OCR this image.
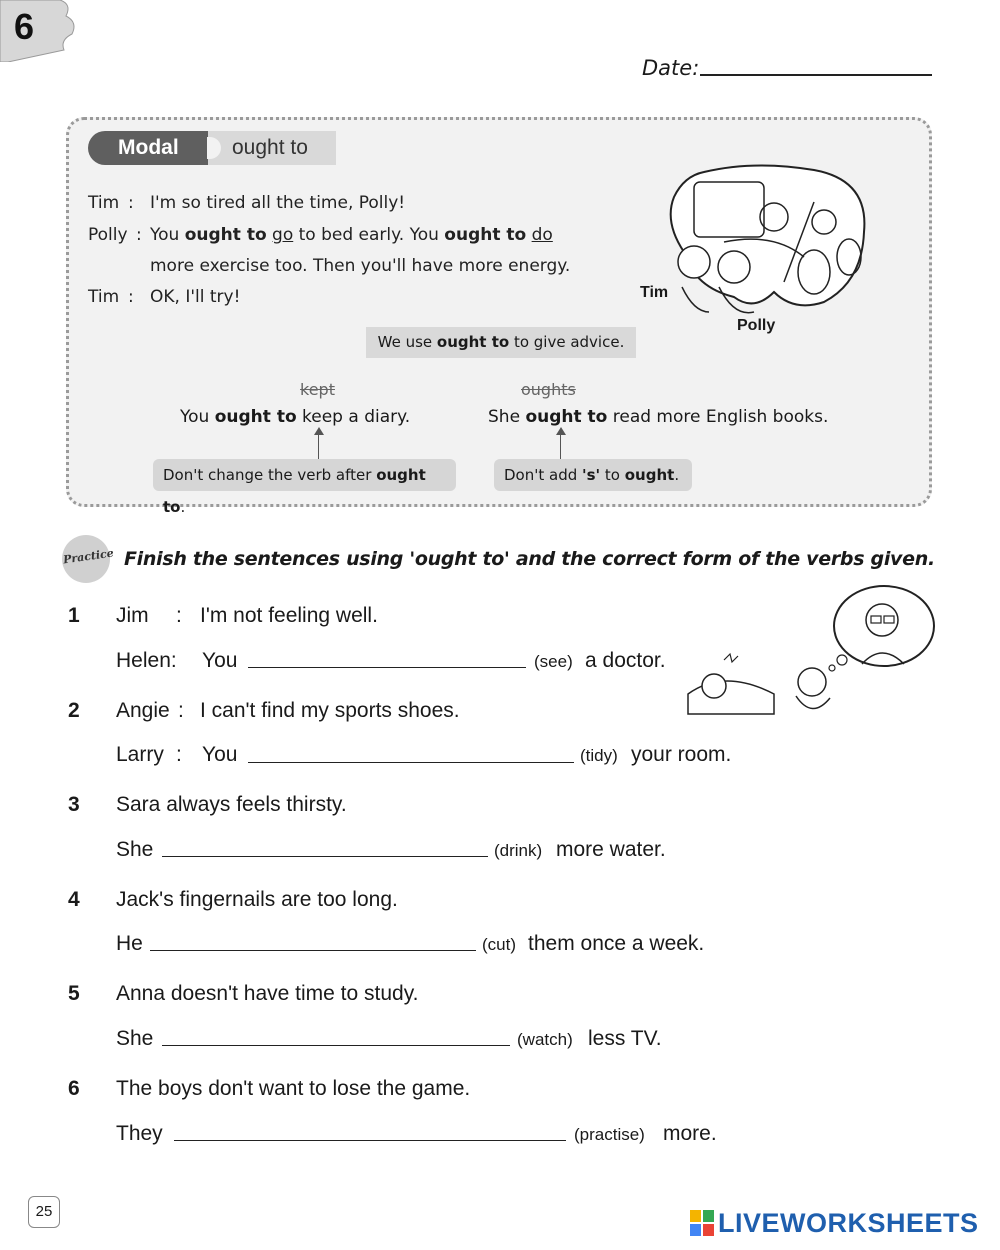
6
Date:
Modal	ought to
Tim : I'm so tired all the time, Polly!
Polly : You ought to go to bed early. You ought to do
more exercise too. Then you'll have more energy.
Tim : OK, I'll try!	Tim
Polly
We use ought to to give advice.
kept
You ought to keep a diary.
Don't change the verb after ought to.
oughts
She ought to read more English books.
Don't add 's' to ought.
Practice Finish the sentences using 'ought to' and the correct form of the verbs given.
1 Jim : I'm not feeling well.
Helen: You	(see) a doctor.
2 Angie : I can't find my sports shoes.
Larry : You	(tidy) your room.
3 Sara always feels thirsty.
She	(drink) more water.
4 Jack's fingernails are too long.
He	(cut) them once a week.
5 Anna doesn't have time to study.
She	(watch) less TV.
6 The boys don't want to lose the game.
They	(practise) more.
25	LIVEWORKSHEETS
